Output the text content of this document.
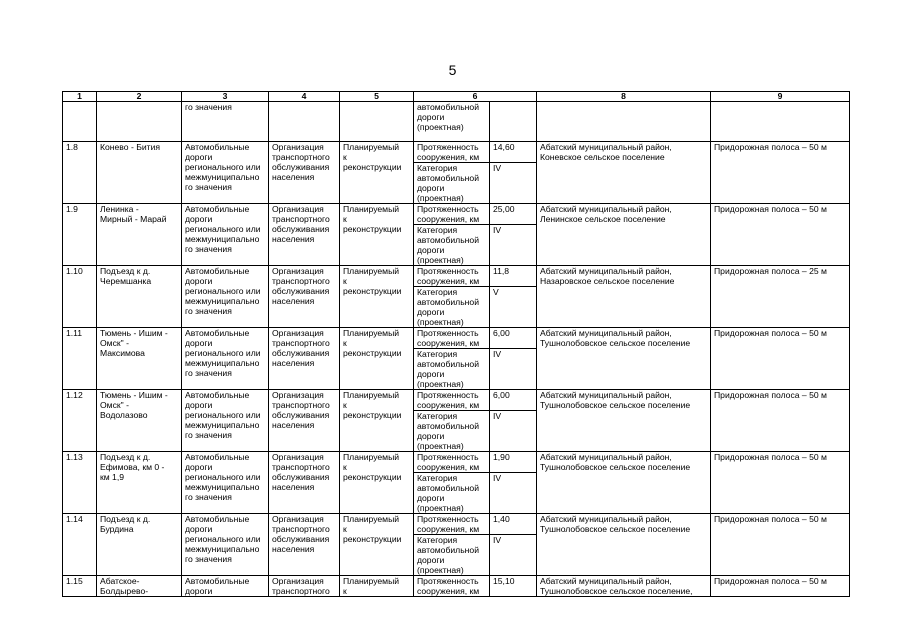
5
1	2	3	4	5	6		8	9
		го значения			автомобильной
дороги
(проектная)			
1.8	Конево - Бития	Автомобильные
дороги
регионального или
межмуниципально
го значения	Организация
транспортного
обслуживания
населения	Планируемый
к
реконструкции	Протяженность
сооружения, км	14,60	Абатский муниципальный район,
Коневское сельское поселение	Придорожная полоса – 50 м
					Категория
автомобильной
дороги
(проектная)	IV		
1.9	Ленинка -
Мирный - Марай	Автомобильные
дороги
регионального или
межмуниципально
го значения	Организация
транспортного
обслуживания
населения	Планируемый
к
реконструкции	Протяженность
сооружения, км	25,00	Абатский муниципальный район,
Ленинское сельское поселение	Придорожная полоса – 50 м
					Категория
автомобильной
дороги
(проектная)	IV		
1.10	Подъезд к д.
Черемшанка	Автомобильные
дороги
регионального или
межмуниципально
го значения	Организация
транспортного
обслуживания
населения	Планируемый
к
реконструкции	Протяженность
сооружения, км	11,8	Абатский муниципальный район,
Назаровское сельское поселение	Придорожная полоса – 25 м
					Категория
автомобильной
дороги
(проектная)	V		
1.11	Тюмень - Ишим -
Омск" -
Максимова	Автомобильные
дороги
регионального или
межмуниципально
го значения	Организация
транспортного
обслуживания
населения	Планируемый
к
реконструкции	Протяженность
сооружения, км	6,00	Абатский муниципальный район,
Тушнолобовское сельское поселение	Придорожная полоса – 50 м
					Категория
автомобильной
дороги
(проектная)	IV		
1.12	Тюмень - Ишим -
Омск" -
Водолазово	Автомобильные
дороги
регионального или
межмуниципально
го значения	Организация
транспортного
обслуживания
населения	Планируемый
к
реконструкции	Протяженность
сооружения, км	6,00	Абатский муниципальный район,
Тушнолобовское сельское поселение	Придорожная полоса – 50 м
					Категория
автомобильной
дороги
(проектная)	IV		
1.13	Подъезд к д.
Ефимова, км 0 -
км 1,9	Автомобильные
дороги
регионального или
межмуниципально
го значения	Организация
транспортного
обслуживания
населения	Планируемый
к
реконструкции	Протяженность
сооружения, км	1,90	Абатский муниципальный район,
Тушнолобовское сельское поселение	Придорожная полоса – 50 м
					Категория
автомобильной
дороги
(проектная)	IV		
1.14	Подъезд к д.
Бурдина	Автомобильные
дороги
регионального или
межмуниципально
го значения	Организация
транспортного
обслуживания
населения	Планируемый
к
реконструкции	Протяженность
сооружения, км	1,40	Абатский муниципальный район,
Тушнолобовское сельское поселение	Придорожная полоса – 50 м
					Категория
автомобильной
дороги
(проектная)	IV		
1.15	Абатское-
Болдырево-	Автомобильные
дороги	Организация
транспортного	Планируемый
к	Протяженность
сооружения, км	15,10	Абатский муниципальный район,
Тушнолобовское сельское поселение,	Придорожная полоса – 50 м
